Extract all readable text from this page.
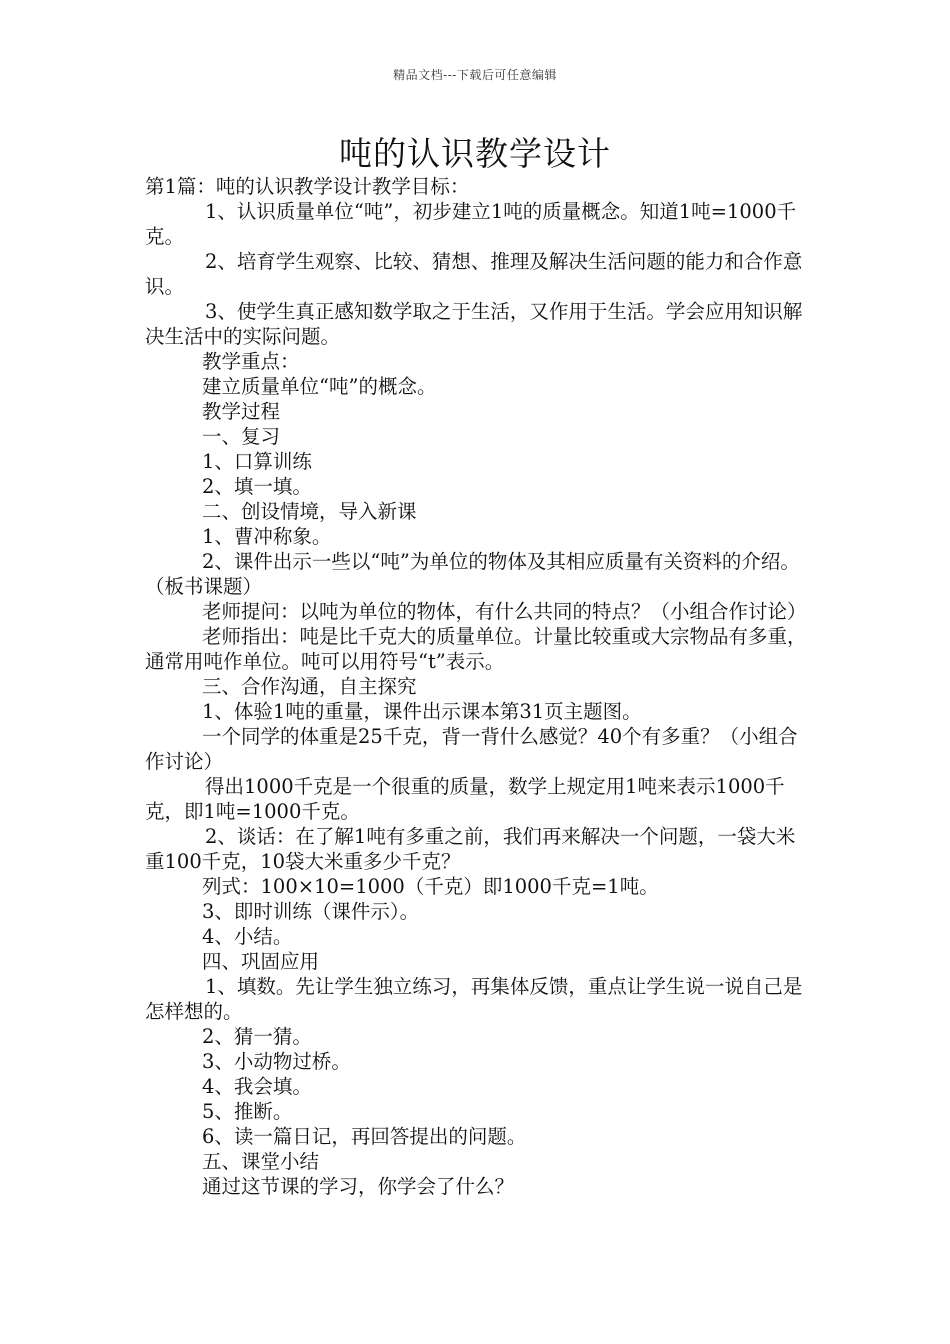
精品文档---下载后可任意编辑
吨的认识教学设计

第1篇：吨的认识教学设计教学目标：

1、认识质量单位“吨”，初步建立1吨的质量概念。知道1吨=1000千克。

2、培育学生观察、比较、猜想、推理及解决生活问题的能力和合作意识。

3、使学生真正感知数学取之于生活，又作用于生活。学会应用知识解决生活中的实际问题。

教学重点：

建立质量单位“吨”的概念。

教学过程

一、复习

1、口算训练

2、填一填。

二、创设情境，导入新课

1、曹冲称象。

2、课件出示一些以“吨”为单位的物体及其相应质量有关资料的介绍。（板书课题）

老师提问：以吨为单位的物体，有什么共同的特点？（小组合作讨论）

老师指出：吨是比千克大的质量单位。计量比较重或大宗物品有多重，通常用吨作单位。吨可以用符号“t”表示。

三、合作沟通，自主探究

1、体验1吨的重量，课件出示课本第31页主题图。

一个同学的体重是25千克，背一背什么感觉？40个有多重？（小组合作讨论）

得出1000千克是一个很重的质量，数学上规定用1吨来表示1000千克，即1吨=1000千克。

2、谈话：在了解1吨有多重之前，我们再来解决一个问题，一袋大米重100千克，10袋大米重多少千克？

列式：100×10=1000（千克）即1000千克=1吨。

3、即时训练（课件示）。

4、小结。

四、巩固应用

1、填数。先让学生独立练习，再集体反馈，重点让学生说一说自己是怎样想的。

2、猜一猜。

3、小动物过桥。

4、我会填。

5、推断。

6、读一篇日记，再回答提出的问题。

五、课堂小结

通过这节课的学习，你学会了什么？
